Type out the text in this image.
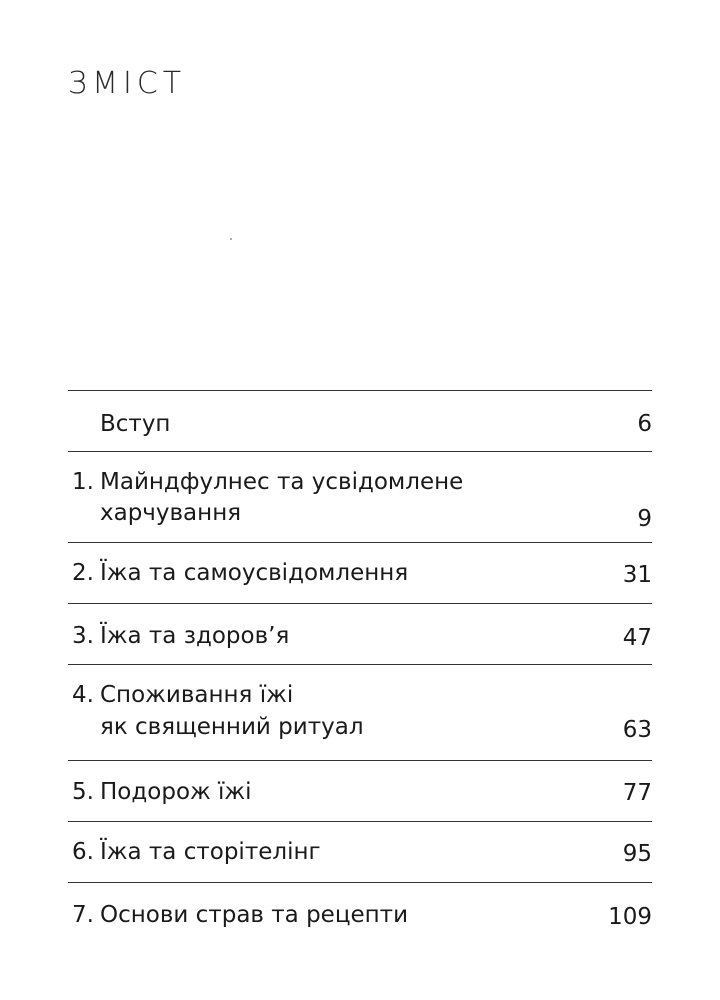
ЗМІСТ
Вступ	6
1. Майндфулнес та усвідомлене
харчування	9
2. Їжа та самоусвідомлення	31
3. Їжа та здоров’я	47
4. Споживання їжі
як священний ритуал	63
5. Подорож їжі	77
6. Їжа та сторітелінг	95
7. Основи страв та рецепти	109
